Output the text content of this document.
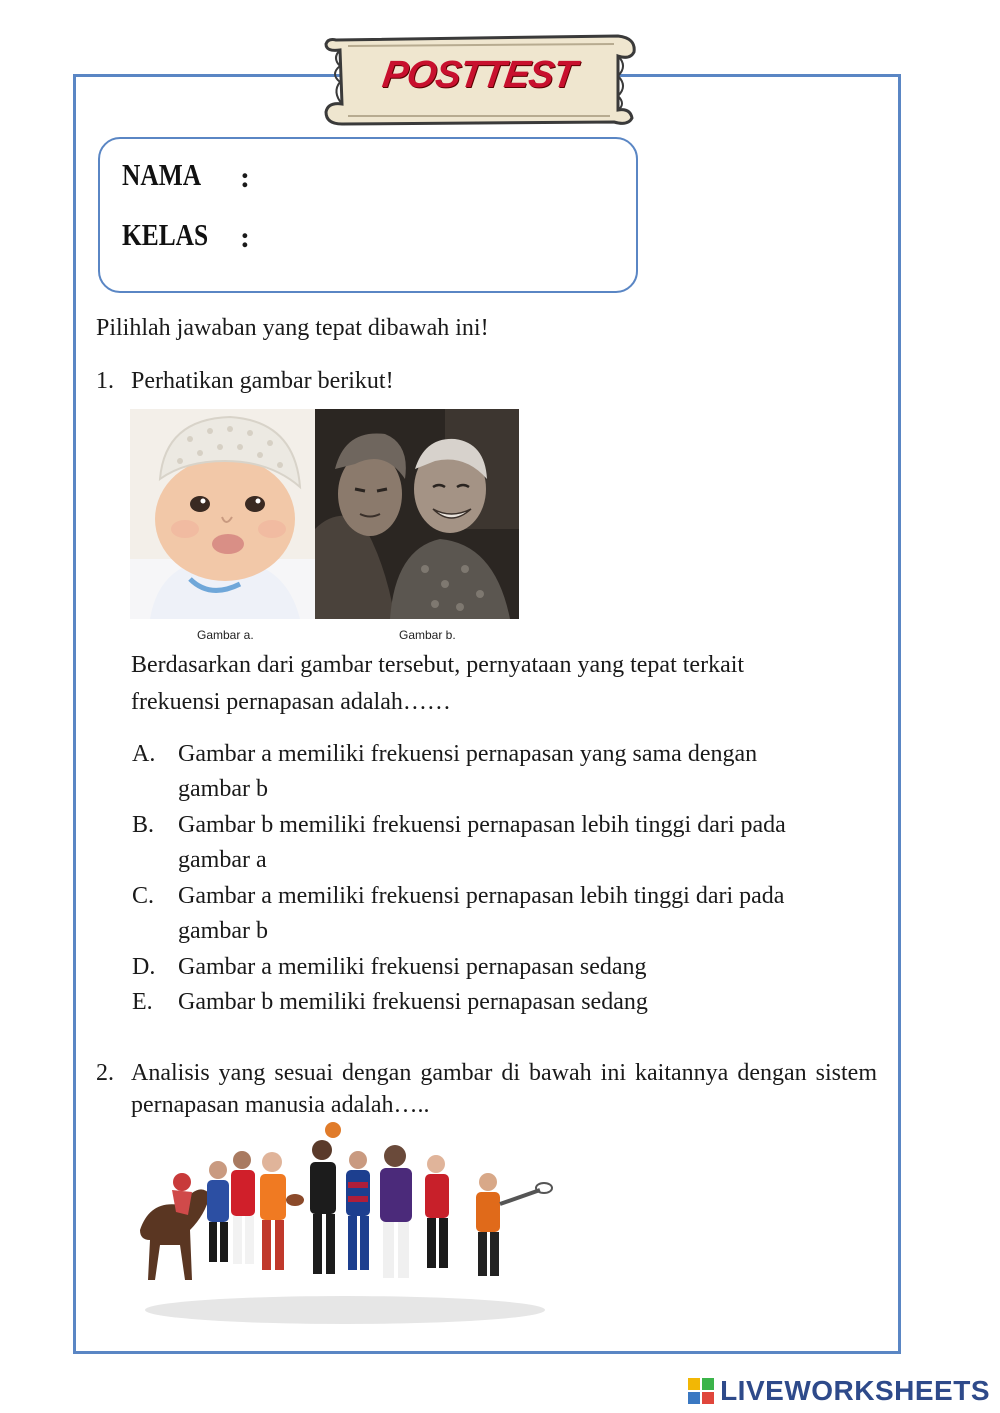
POSTTEST
NAMA :
KELAS :
Pilihlah jawaban yang tepat dibawah ini!
1. Perhatikan gambar berikut!
Gambar a.	Gambar b.
Berdasarkan dari gambar tersebut, pernyataan yang tepat terkait
frekuensi pernapasan adalah……
A. Gambar a memiliki frekuensi pernapasan yang sama dengan
gambar b
B. Gambar b memiliki frekuensi pernapasan lebih tinggi dari pada
gambar a
C. Gambar a memiliki frekuensi pernapasan lebih tinggi dari pada
gambar b
D. Gambar a memiliki frekuensi pernapasan sedang
E. Gambar b memiliki frekuensi pernapasan sedang
2. Analisis yang sesuai dengan gambar di bawah ini kaitannya dengan sistem pernapasan manusia adalah…..
LIVEWORKSHEETS
